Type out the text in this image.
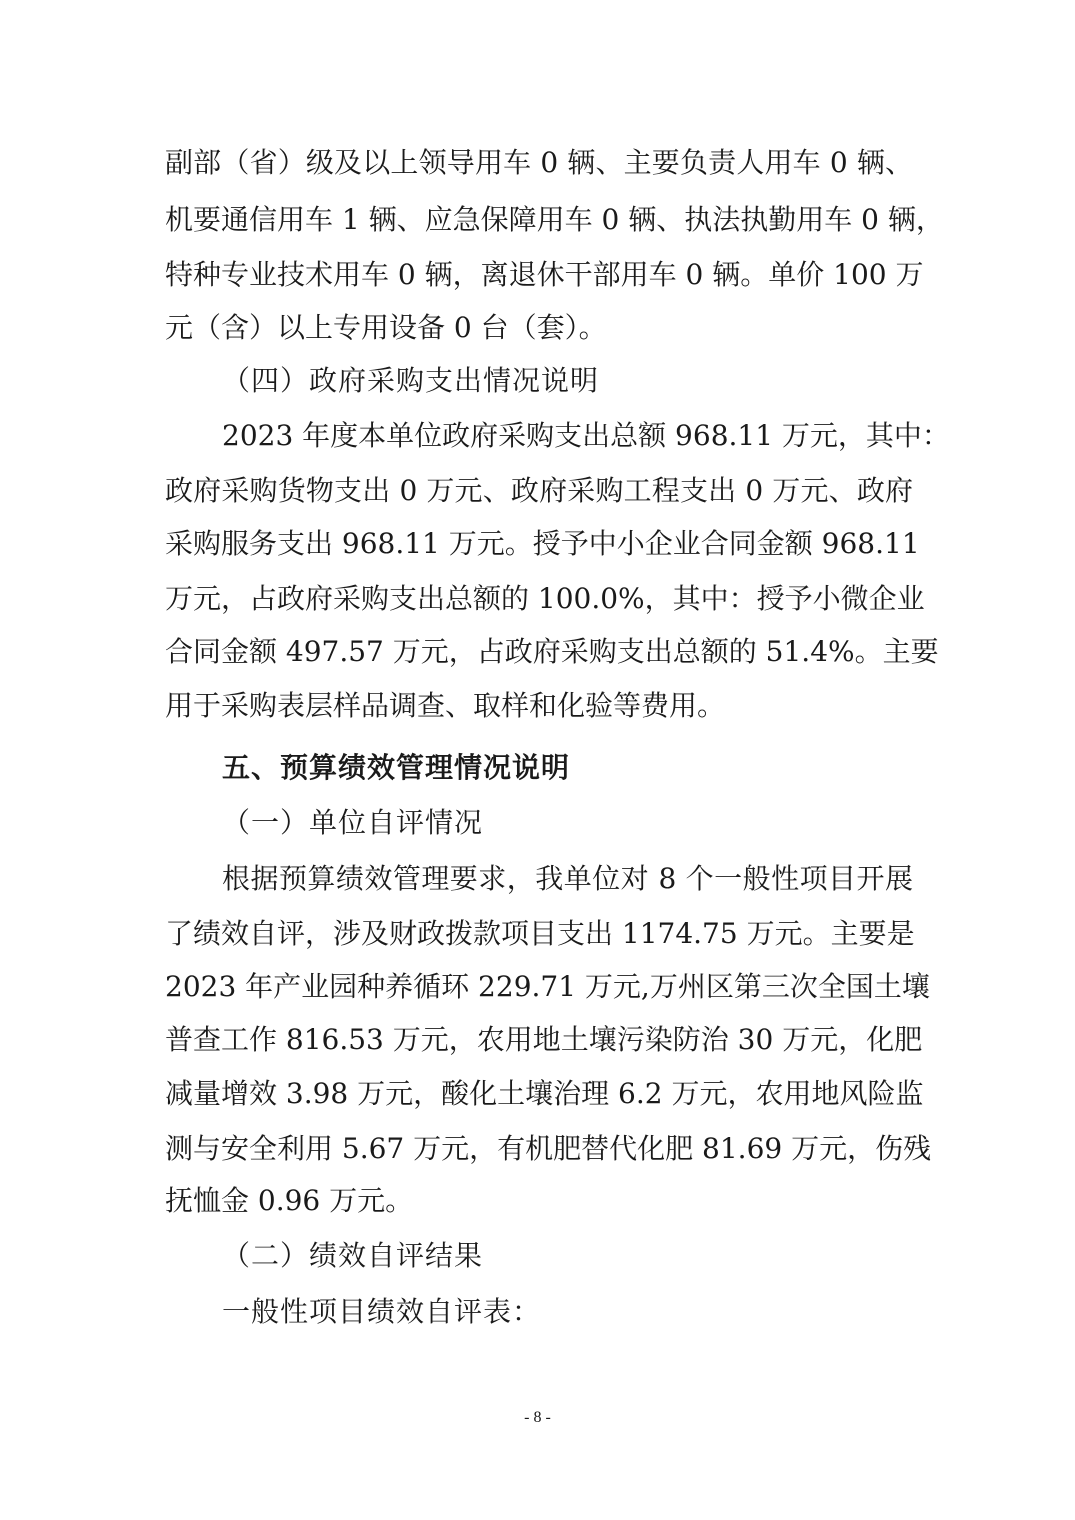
副部（省）级及以上领导用车 0 辆、主要负责人用车 0 辆、
机要通信用车 1 辆、应急保障用车 0 辆、执法执勤用车 0 辆，
特种专业技术用车 0 辆，离退休干部用车 0 辆。单价 100 万
元（含）以上专用设备 0 台（套）。
（四）政府采购支出情况说明
2023 年度本单位政府采购支出总额 968.11 万元，其中：
政府采购货物支出 0 万元、政府采购工程支出 0 万元、政府
采购服务支出 968.11 万元。授予中小企业合同金额 968.11
万元，占政府采购支出总额的 100.0%，其中：授予小微企业
合同金额 497.57 万元，占政府采购支出总额的 51.4%。主要
用于采购表层样品调查、取样和化验等费用。
五、预算绩效管理情况说明
（一）单位自评情况
根据预算绩效管理要求，我单位对 8 个一般性项目开展
了绩效自评，涉及财政拨款项目支出 1174.75 万元。主要是
2023 年产业园种养循环 229.71 万元,万州区第三次全国土壤
普查工作 816.53 万元，农用地土壤污染防治 30 万元，化肥
减量增效 3.98 万元，酸化土壤治理 6.2 万元，农用地风险监
测与安全利用 5.67 万元，有机肥替代化肥 81.69 万元，伤残
抚恤金 0.96 万元。
（二）绩效自评结果
一般性项目绩效自评表：
- 8 -
